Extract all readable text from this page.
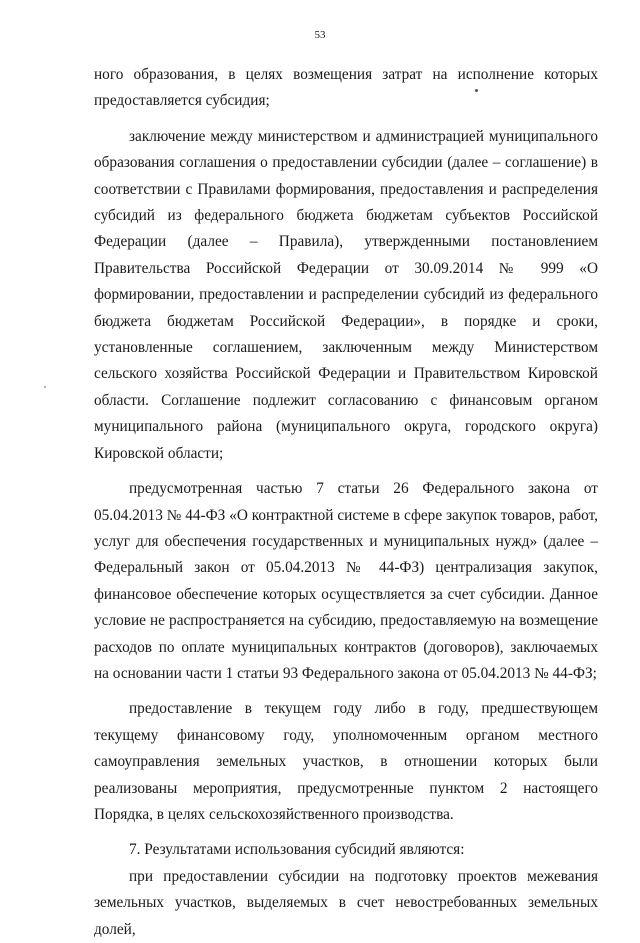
53

ного образования, в целях возмещения затрат на исполнение которых предоставляется субсидия;

заключение между министерством и администрацией муниципального образования соглашения о предоставлении субсидии (далее – соглашение) в соответствии с Правилами формирования, предоставления и распределения субсидий из федерального бюджета бюджетам субъектов Российской Федерации (далее – Правила), утвержденными постановлением Правительства Российской Федерации от 30.09.2014 № 999 «О формировании, предоставлении и распределении субсидий из федерального бюджета бюджетам Российской Федерации», в порядке и сроки, установленные соглашением, заключенным между Министерством сельского хозяйства Российской Федерации и Правительством Кировской области. Соглашение подлежит согласованию с финансовым органом муниципального района (муниципального округа, городского округа) Кировской области;

предусмотренная частью 7 статьи 26 Федерального закона от 05.04.2013 № 44-ФЗ «О контрактной системе в сфере закупок товаров, работ, услуг для обеспечения государственных и муниципальных нужд» (далее – Федеральный закон от 05.04.2013 № 44-ФЗ) централизация закупок, финансовое обеспечение которых осуществляется за счет субсидии. Данное условие не распространяется на субсидию, предоставляемую на возмещение расходов по оплате муниципальных контрактов (договоров), заключаемых на основании части 1 статьи 93 Федерального закона от 05.04.2013 № 44-ФЗ;

предоставление в текущем году либо в году, предшествующем текущему финансовому году, уполномоченным органом местного самоуправления земельных участков, в отношении которых были реализованы мероприятия, предусмотренные пунктом 2 настоящего Порядка, в целях сельскохозяйственного производства.

7. Результатами использования субсидий являются:

при предоставлении субсидии на подготовку проектов межевания земельных участков, выделяемых в счет невостребованных земельных долей,
